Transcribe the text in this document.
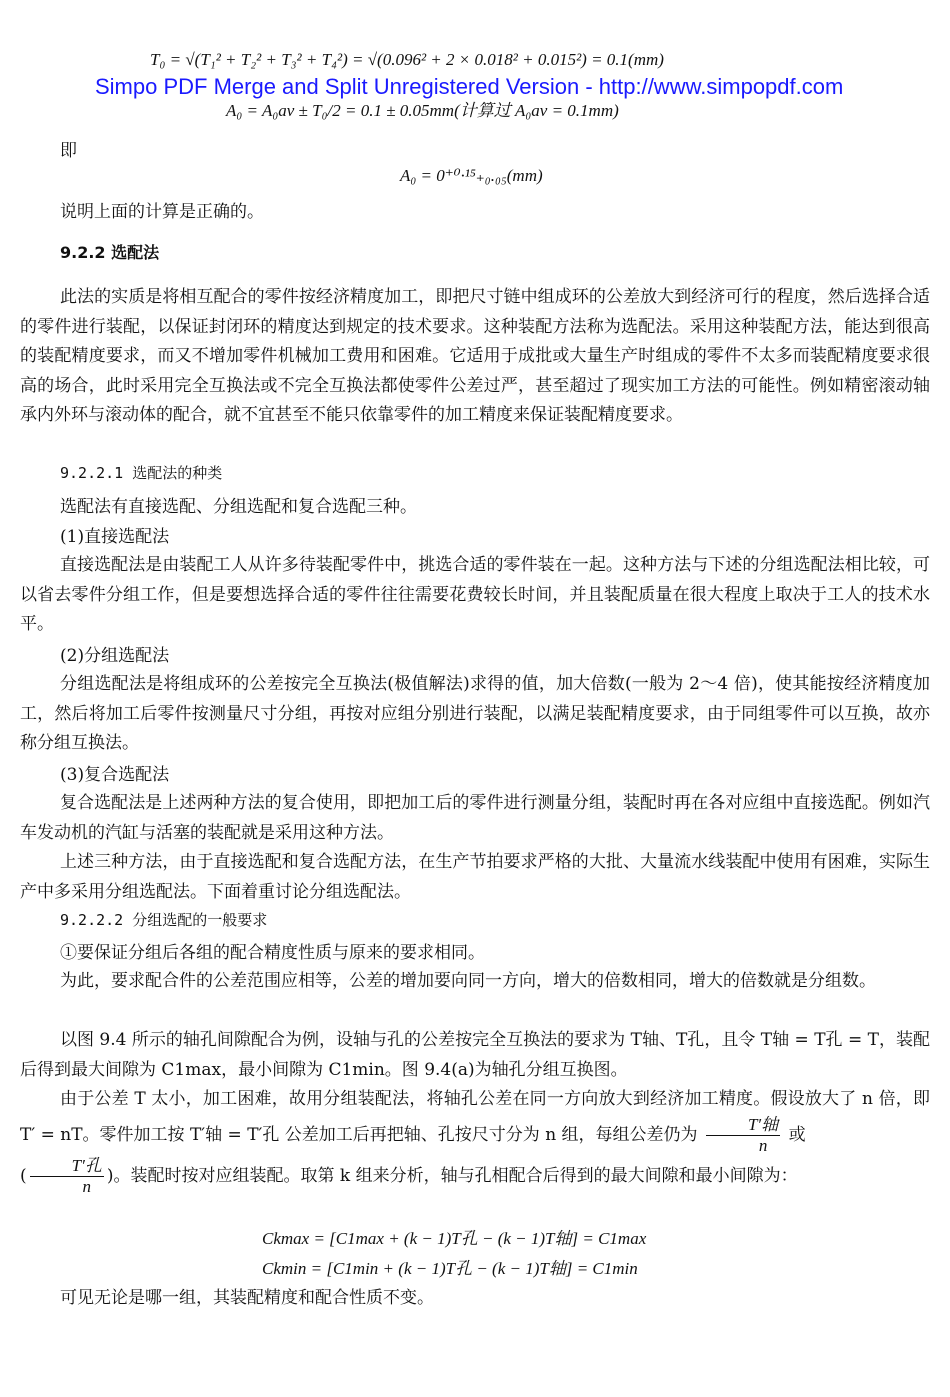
T₀ = √(T₁² + T₂² + T₃² + T₄²) = √(0.096² + 2 × 0.018² + 0.015²) = 0.1(mm)
Simpo PDF Merge and Split Unregistered Version - http://www.simpopdf.com
A₀ = A₀av ± T₀/2 = 0.1 ± 0.05mm(计算过 A₀av = 0.1mm)
即
A₀ = 0⁺⁰·¹⁵₊₀.₀₅(mm)
说明上面的计算是正确的。
9.2.2 选配法
此法的实质是将相互配合的零件按经济精度加工，即把尺寸链中组成环的公差放大到经济可行的程度，然后选择合适的零件进行装配，以保证封闭环的精度达到规定的技术要求。这种装配方法称为选配法。采用这种装配方法，能达到很高的装配精度要求，而又不增加零件机械加工费用和困难。它适用于成批或大量生产时组成的零件不太多而装配精度要求很高的场合，此时采用完全互换法或不完全互换法都使零件公差过严，甚至超过了现实加工方法的可能性。例如精密滚动轴承内外环与滚动体的配合，就不宜甚至不能只依靠零件的加工精度来保证装配精度要求。
9.2.2.1 选配法的种类
选配法有直接选配、分组选配和复合选配三种。
(1)直接选配法
直接选配法是由装配工人从许多待装配零件中，挑选合适的零件装在一起。这种方法与下述的分组选配法相比较，可以省去零件分组工作，但是要想选择合适的零件往往需要花费较长时间，并且装配质量在很大程度上取决于工人的技术水平。
(2)分组选配法
分组选配法是将组成环的公差按完全互换法(极值解法)求得的值，加大倍数(一般为 2～4 倍)，使其能按经济精度加工，然后将加工后零件按测量尺寸分组，再按对应组分别进行装配，以满足装配精度要求，由于同组零件可以互换，故亦称分组互换法。
(3)复合选配法
复合选配法是上述两种方法的复合使用，即把加工后的零件进行测量分组，装配时再在各对应组中直接选配。例如汽车发动机的汽缸与活塞的装配就是采用这种方法。
上述三种方法，由于直接选配和复合选配方法，在生产节拍要求严格的大批、大量流水线装配中使用有困难，实际生产中多采用分组选配法。下面着重讨论分组选配法。
9.2.2.2 分组选配的一般要求
①要保证分组后各组的配合精度性质与原来的要求相同。
为此，要求配合件的公差范围应相等，公差的增加要向同一方向，增大的倍数相同，增大的倍数就是分组数。
以图 9.4 所示的轴孔间隙配合为例，设轴与孔的公差按完全互换法的要求为 T轴、T孔，且令 T轴 = T孔 = T，装配后得到最大间隙为 C1max，最小间隙为 C1min。图 9.4(a)为轴孔分组互换图。
由于公差 T 太小，加工困难，故用分组装配法，将轴孔公差在同一方向放大到经济加工精度。假设放大了 n 倍，即 T′ = nT。零件加工按 T′轴 = T′孔 公差加工后再把轴、孔按尺寸分为 n 组，每组公差仍为 $\frac{\text{T′轴}}{n}$ 或
( $\frac{\text{T′孔}}{n}$ )。装配时按对应组装配。取第 k 组来分析，轴与孔相配合后得到的最大间隙和最小间隙为：
Ckmax = [C1max + (k − 1)T孔 − (k − 1)T轴] = C1max
Ckmin = [C1min + (k − 1)T孔 − (k − 1)T轴] = C1min
可见无论是哪一组，其装配精度和配合性质不变。
